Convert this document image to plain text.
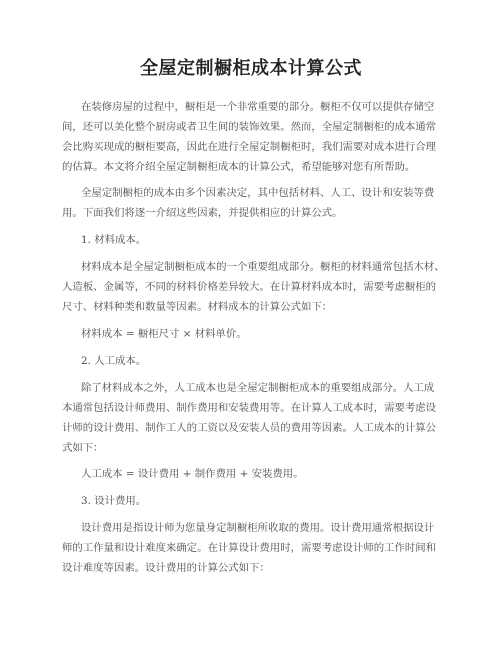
全屋定制橱柜成本计算公式
在装修房屋的过程中，橱柜是一个非常重要的部分。橱柜不仅可以提供存储空
间，还可以美化整个厨房或者卫生间的装饰效果。然而，全屋定制橱柜的成本通常
会比购买现成的橱柜要高，因此在进行全屋定制橱柜时，我们需要对成本进行合理
的估算。本文将介绍全屋定制橱柜成本的计算公式，希望能够对您有所帮助。
全屋定制橱柜的成本由多个因素决定，其中包括材料、人工、设计和安装等费
用。下面我们将逐一介绍这些因素，并提供相应的计算公式。
1. 材料成本。
材料成本是全屋定制橱柜成本的一个重要组成部分。橱柜的材料通常包括木材、
人造板、金属等，不同的材料价格差异较大。在计算材料成本时，需要考虑橱柜的
尺寸、材料种类和数量等因素。材料成本的计算公式如下：
材料成本 = 橱柜尺寸 × 材料单价。
2. 人工成本。
除了材料成本之外，人工成本也是全屋定制橱柜成本的重要组成部分。人工成
本通常包括设计师费用、制作费用和安装费用等。在计算人工成本时，需要考虑设
计师的设计费用、制作工人的工资以及安装人员的费用等因素。人工成本的计算公
式如下：
人工成本 = 设计费用 + 制作费用 + 安装费用。
3. 设计费用。
设计费用是指设计师为您量身定制橱柜所收取的费用。设计费用通常根据设计
师的工作量和设计难度来确定。在计算设计费用时，需要考虑设计师的工作时间和
设计难度等因素。设计费用的计算公式如下：
